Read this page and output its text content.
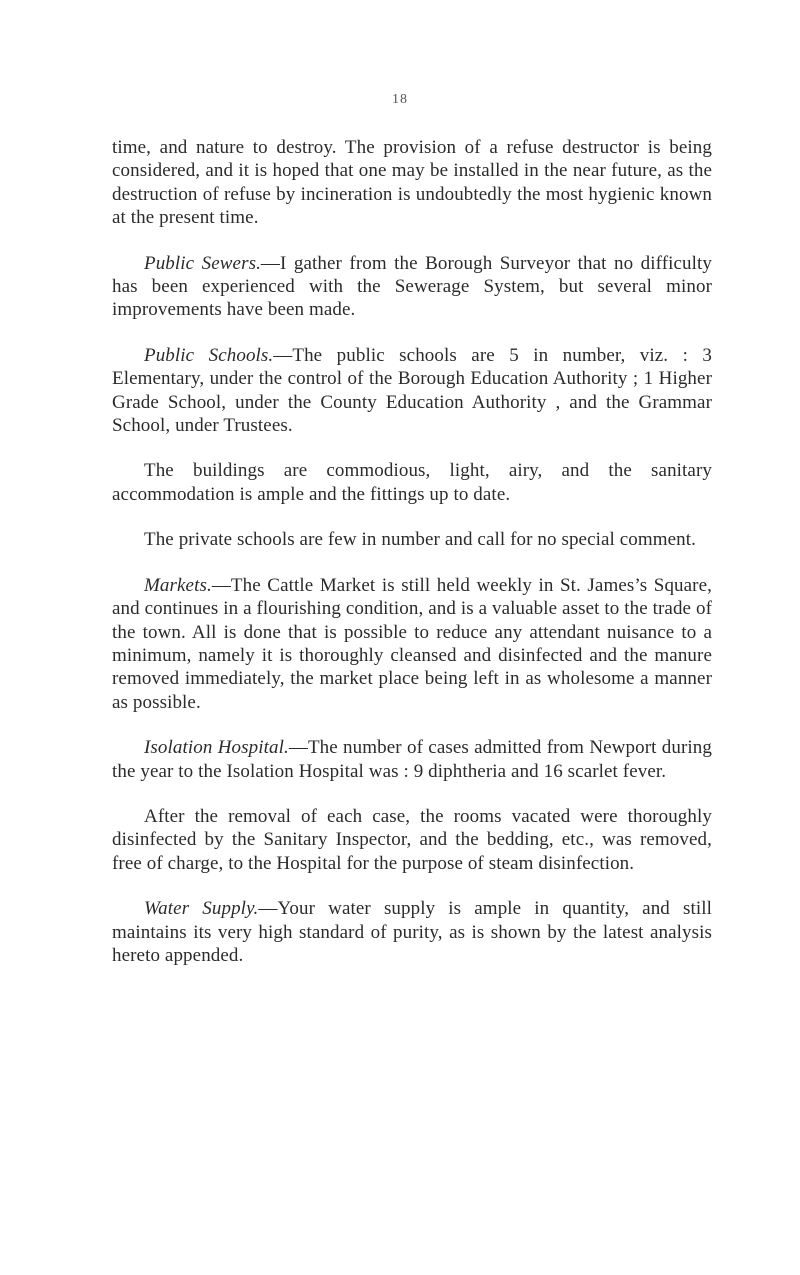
18

time, and nature to destroy. The provision of a refuse destructor is being considered, and it is hoped that one may be installed in the near future, as the destruction of refuse by incineration is undoubtedly the most hygienic known at the present time.

Public Sewers.—I gather from the Borough Surveyor that no difficulty has been experienced with the Sewerage System, but several minor improvements have been made.

Public Schools.—The public schools are 5 in number, viz. : 3 Elementary, under the control of the Borough Education Authority ; 1 Higher Grade School, under the County Education Authority , and the Grammar School, under Trustees.

The buildings are commodious, light, airy, and the sanitary accommodation is ample and the fittings up to date.

The private schools are few in number and call for no special comment.

Markets.—The Cattle Market is still held weekly in St. James’s Square, and continues in a flourishing condition, and is a valuable asset to the trade of the town. All is done that is possible to reduce any attendant nuisance to a minimum, namely it is thoroughly cleansed and disinfected and the manure removed immediately, the market place being left in as wholesome a manner as possible.

Isolation Hospital.—The number of cases admitted from Newport during the year to the Isolation Hospital was : 9 diphtheria and 16 scarlet fever.

After the removal of each case, the rooms vacated were thoroughly disinfected by the Sanitary Inspector, and the bedding, etc., was removed, free of charge, to the Hospital for the purpose of steam disinfection.

Water Supply.—Your water supply is ample in quantity, and still maintains its very high standard of purity, as is shown by the latest analysis hereto appended.
